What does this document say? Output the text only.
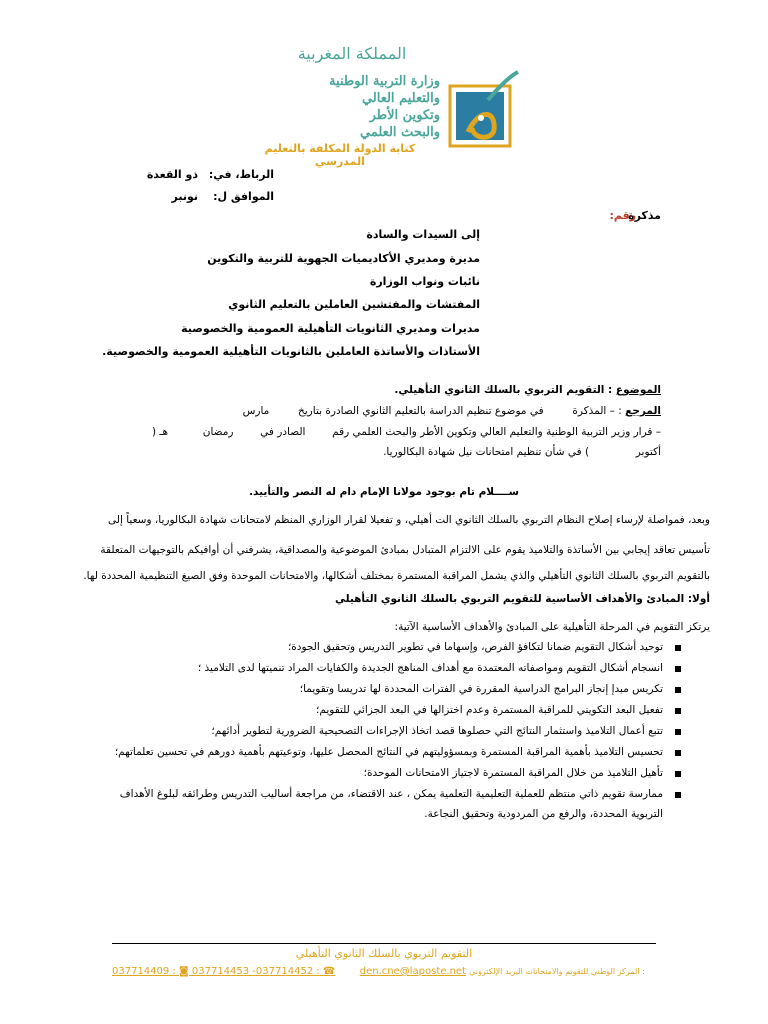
المملكة المغربية
وزارة التربية الوطنية
والتعليم العالي
وتكوين الأطر
والبحث العلمي
كتابة الدولة المكلفة بالتعليم المدرسي
الرباط، في:
ذو القعدة
الموافق ل:
نونبر
مذكرة
رقم:
إلى السيدات والسادة
مديرة ومديري الأكاديميات الجهوية للتربية والتكوين
نائبات ونواب الوزارة
المفتشات والمفتشين العاملين بالتعليم الثانوي
مديرات ومديري الثانويات التأهيلية العمومية والخصوصية
الأستاذات والأساتذة العاملين بالثانويات التأهيلية العمومية والخصوصية.
الموضوع : التقويم التربوي بالسلك الثانوي التأهيلي.
المرجع : – المذكرة  في موضوع تنظيم الدراسة بالتعليم الثانوي الصادرة بتاريخ  مارس
– قرار وزير التربية الوطنية والتعليم العالي وتكوين الأطر والبحث العلمي رقم  الصادر في  رمضان  هـ (
أكتوبر  ) في شأن تنظيم امتحانات نيل شهادة البكالوريا.
ســــلام تام بوجود مولانا الإمام دام له النصر والتأييد.
وبعد، فمواصلة لإرساء إصلاح النظام التربوي بالسلك الثانوي الت أهيلي، و تفعيلا لقرار الوزاري المنظم لامتحانات شهادة البكالوريا، وسعياً إلى
تأسيس تعاقد إيجابي بين الأساتذة والتلاميذ يقوم على الالتزام المتبادل بمبادئ الموضوعية والمصداقية، يشرفني أن أوافيكم بالتوجيهات المتعلقة
بالتقويم التربوي بالسلك الثانوي التأهيلي والذي يشمل المراقبة المستمرة بمختلف أشكالها، والامتحانات الموحدة وفق الصيغ التنظيمية المحددة لها.
أولا: المبادئ والأهداف الأساسية للتقويم التربوي بالسلك الثانوي التأهيلي
يرتكز التقويم في المرحلة التأهيلية على المبادئ والأهداف الأساسية الآتية:
توحيد أشكال التقويم ضمانا لتكافؤ الفرص، وإسهاما في تطوير التدريس وتحقيق الجودة؛
انسجام أشكال التقويم ومواصفاته المعتمدة مع أهداف المناهج الجديدة والكفايات المراد تنميتها لدى التلاميذ ؛
تكريس مبدإ إنجاز البرامج الدراسية المقررة في الفترات المحددة لها تدريسا وتقويما؛
تفعيل البعد التكويني للمراقبة المستمرة وعدم اختزالها في البعد الجزائي للتقويم؛
تتبع أعمال التلاميذ واستثمار النتائج التي حصلوها قصد اتخاذ الإجراءات التصحيحية الضرورية لتطوير أدائهم؛
تحسيس التلاميذ بأهمية المراقبة المستمرة وبمسؤوليتهم في النتائج المحصل عليها، وتوعيتهم بأهمية دورهم في تحسين تعلماتهم؛
تأهيل التلاميذ من خلال المراقبة المستمرة لاجتياز الامتحانات الموحدة؛
ممارسة تقويم ذاتي منتظم للعملية التعليمية التعلمية يمكن ، عند الاقتضاء، من مراجعة أساليب التدريس وطرائقه لبلوغ الأهداف
التربوية المحددة، والرفع من المردودية وتحقيق النجاعة.
التقويم التربوي بالسلك الثانوي التأهيلي
037714409 : ◙ 037714453 -037714452 : ☎ den.cne@laposte.net المركز الوطني للتقويم والامتحانات البريد الإلكتروني :
